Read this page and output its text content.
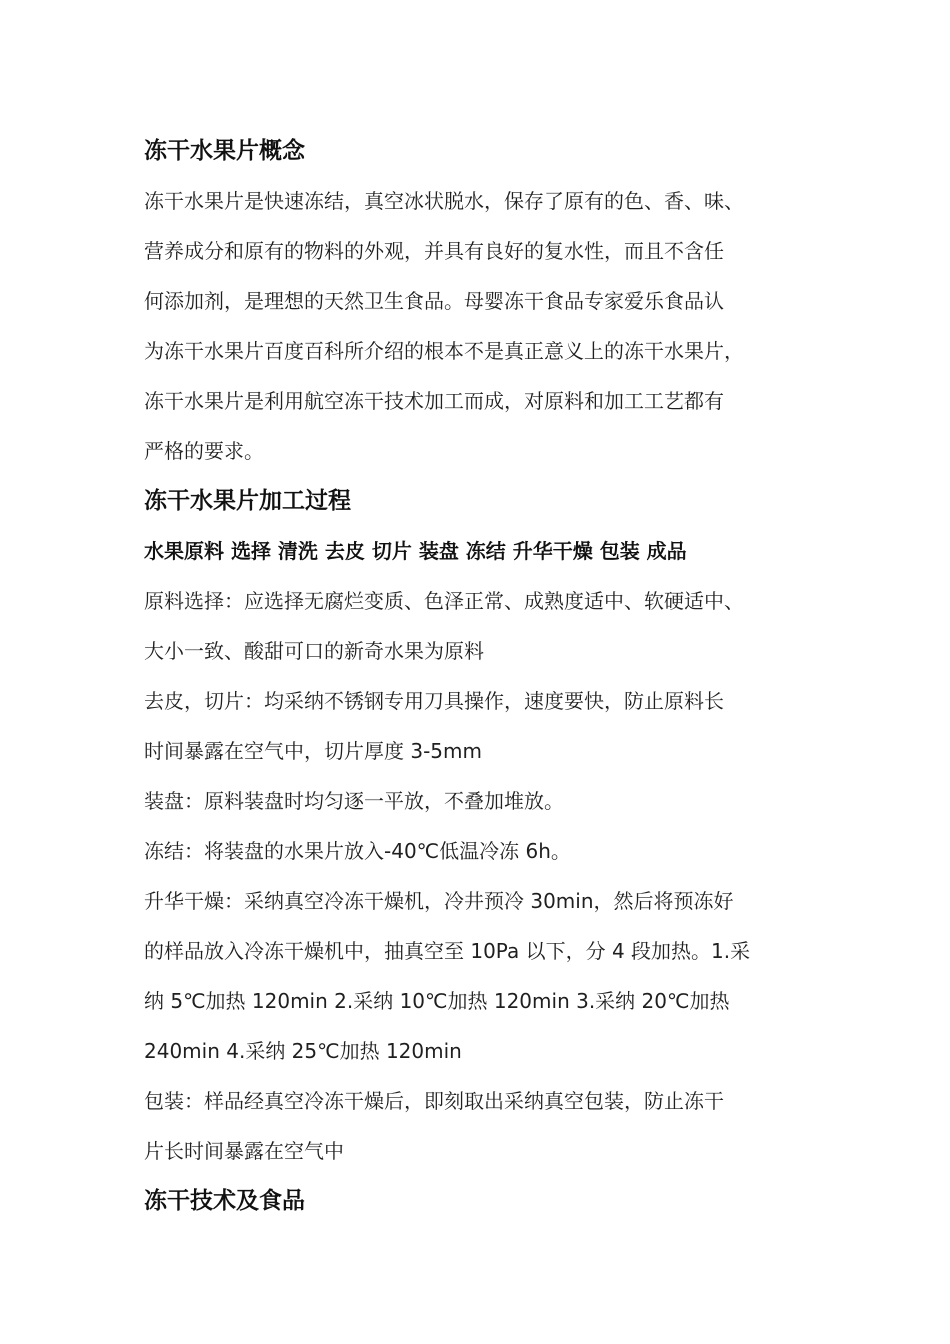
冻干水果片概念

冻干水果片是快速冻结，真空冰状脱水，保存了原有的色、香、味、
营养成分和原有的物料的外观，并具有良好的复水性，而且不含任
何添加剂，是理想的天然卫生食品。母婴冻干食品专家爱乐食品认
为冻干水果片百度百科所介绍的根本不是真正意义上的冻干水果片，
冻干水果片是利用航空冻干技术加工而成，对原料和加工工艺都有
严格的要求。

冻干水果片加工过程
水果原料 选择 清洗 去皮 切片 装盘 冻结 升华干燥 包装 成品

原料选择：应选择无腐烂变质、色泽正常、成熟度适中、软硬适中、
大小一致、酸甜可口的新奇水果为原料

去皮，切片：均采纳不锈钢专用刀具操作，速度要快，防止原料长
时间暴露在空气中，切片厚度 3-5mm

装盘：原料装盘时均匀逐一平放，不叠加堆放。

冻结：将装盘的水果片放入-40℃低温冷冻 6h。

升华干燥：采纳真空冷冻干燥机，冷井预冷 30min，然后将预冻好
的样品放入冷冻干燥机中，抽真空至 10Pa 以下，分 4 段加热。1.采
纳 5℃加热 120min 2.采纳 10℃加热 120min 3.采纳 20℃加热
240min 4.采纳 25℃加热 120min

包装：样品经真空冷冻干燥后，即刻取出采纳真空包装，防止冻干
片长时间暴露在空气中

冻干技术及食品
